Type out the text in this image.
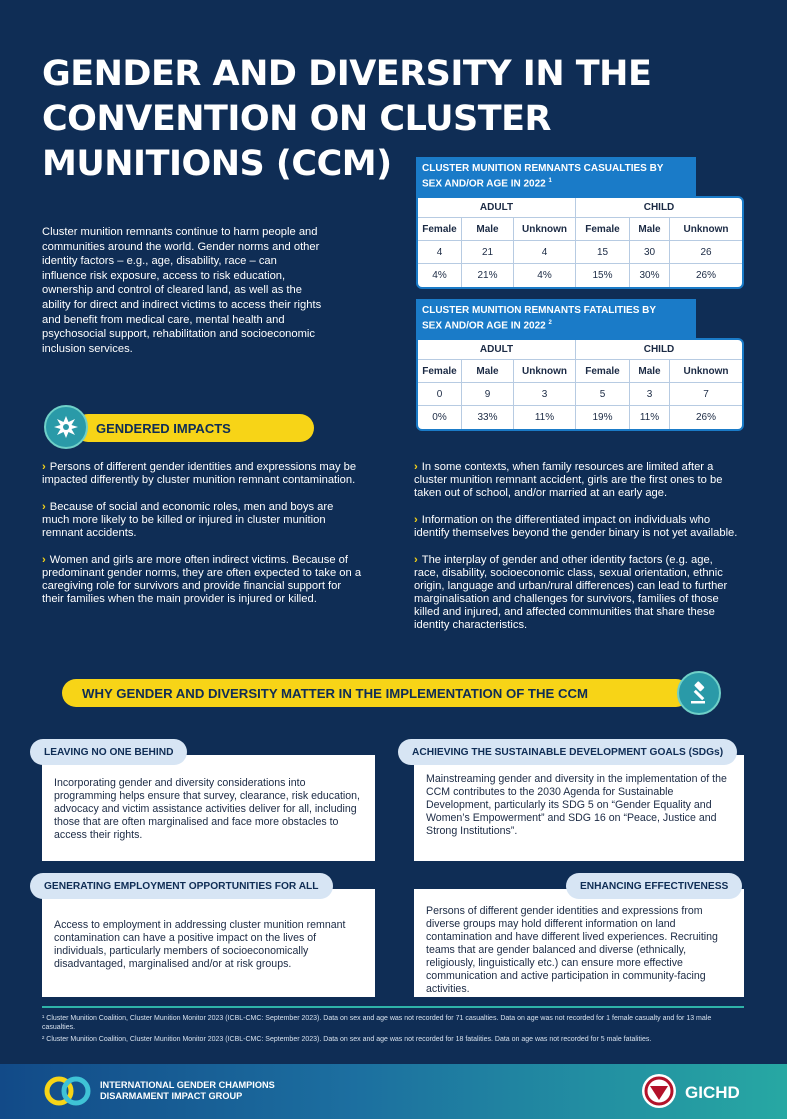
GENDER AND DIVERSITY IN THE
CONVENTION ON CLUSTER
MUNITIONS (CCM)

Cluster munition remnants continue to harm people and communities around the world. Gender norms and other identity factors – e.g., age, disability, race – can influence risk exposure, access to risk education, ownership and control of cleared land, as well as the ability for direct and indirect victims to access their rights and benefit from medical care, mental health and psychosocial support, rehabilitation and socioeconomic inclusion services.

CLUSTER MUNITION REMNANTS CASUALTIES BY
SEX AND/OR AGE IN 2022 $^1$
ADULT			CHILD		
Female	Male	Unknown	Female	Male	Unknown
4	21	4	15	30	26
4%	21%	4%	15%	30%	26%
CLUSTER MUNITION REMNANTS FATALITIES BY
SEX AND/OR AGE IN 2022 $^2$
ADULT			CHILD		
Female	Male	Unknown	Female	Male	Unknown
0	9	3	5	3	7
0%	33%	11%	19%	11%	26%
GENDERED IMPACTS

› Persons of different gender identities and expressions may be impacted differently by cluster munition remnant contamination.

› Because of social and economic roles, men and boys are much more likely to be killed or injured in cluster munition remnant accidents.

› Women and girls are more often indirect victims. Because of predominant gender norms, they are often expected to take on a caregiving role for survivors and provide financial support for their families when the main provider is injured or killed.

› In some contexts, when family resources are limited after a cluster munition remnant accident, girls are the first ones to be taken out of school, and/or married at an early age.

› Information on the differentiated impact on individuals who identify themselves beyond the gender binary is not yet available.

› The interplay of gender and other identity factors (e.g. age, race, disability, socioeconomic class, sexual orientation, ethnic origin, language and urban/rural differences) can lead to further marginalisation and challenges for survivors, families of those killed and injured, and affected communities that share these identity characteristics.

WHY GENDER AND DIVERSITY MATTER IN THE IMPLEMENTATION OF THE CCM
LEAVING NO ONE BEHIND
Incorporating gender and diversity considerations into programming helps ensure that survey, clearance, risk education, advocacy and victim assistance activities deliver for all, including those that are often marginalised and face more obstacles to access their rights.
ACHIEVING THE SUSTAINABLE DEVELOPMENT GOALS (SDGs)
Mainstreaming gender and diversity in the implementation of the CCM contributes to the 2030 Agenda for Sustainable Development, particularly its SDG 5 on “Gender Equality and Women’s Empowerment” and SDG 16 on “Peace, Justice and Strong Institutions”.
GENERATING EMPLOYMENT OPPORTUNITIES FOR ALL
Access to employment in addressing cluster munition remnant contamination can have a positive impact on the lives of individuals, particularly members of socioeconomically disadvantaged, marginalised and/or at risk groups.
ENHANCING EFFECTIVENESS
Persons of different gender identities and expressions from diverse groups may hold different information on land contamination and have different lived experiences. Recruiting teams that are gender balanced and diverse (ethnically, religiously, linguistically etc.) can ensure more effective communication and active participation in community-facing activities.

¹ Cluster Munition Coalition, Cluster Munition Monitor 2023 (ICBL-CMC: September 2023). Data on sex and age was not recorded for 71 casualties. Data on age was not recorded for 1 female casualty and for 13 male casualties.

² Cluster Munition Coalition, Cluster Munition Monitor 2023 (ICBL-CMC: September 2023). Data on sex and age was not recorded for 18 fatalities. Data on age was not recorded for 5 male fatalities.

INTERNATIONAL GENDER CHAMPIONS
DISARMAMENT IMPACT GROUP	GICHD
